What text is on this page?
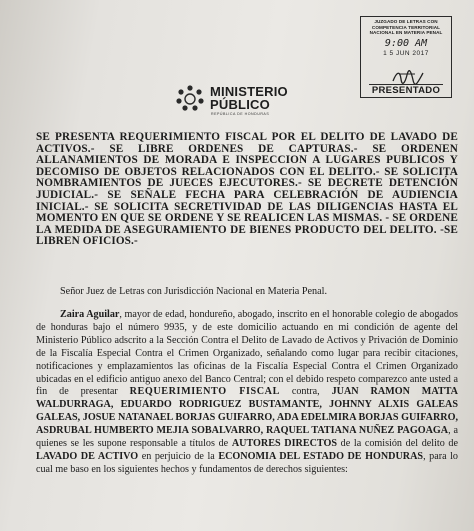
JUZGADO DE LETRAS CON COMPETENCIA TERRITORIAL NACIONAL EN MATERIA PENAL
9:00 AM
1 5 JUN 2017
PRESENTADO
MINISTERIO
PÚBLICO
REPÚBLICA DE HONDURAS

SE PRESENTA REQUERIMIENTO FISCAL POR EL DELITO DE LAVADO DE ACTIVOS.- SE LIBRE ORDENES DE CAPTURAS.- SE ORDENEN ALLANAMIENTOS DE MORADA E INSPECCION A LUGARES PUBLICOS Y DECOMISO DE OBJETOS RELACIONADOS CON EL DELITO.- SE SOLICITA NOMBRAMIENTOS DE JUECES EJECUTORES.- SE DECRETE DETENCIÓN JUDICIAL.- SE SEÑALE FECHA PARA CELEBRACIÓN DE AUDIENCIA INICIAL.- SE SOLICITA SECRETIVIDAD DE LAS DILIGENCIAS HASTA EL MOMENTO EN QUE SE ORDENE Y SE REALICEN LAS MISMAS. - SE ORDENE LA MEDIDA DE ASEGURAMIENTO DE BIENES PRODUCTO DEL DELITO. -SE LIBREN OFICIOS.-

Señor Juez de Letras con Jurisdicción Nacional en Materia Penal.

Zaira Aguilar, mayor de edad, hondureño, abogado, inscrito en el honorable colegio de abogados de honduras bajo el número 9935, y de este domicilio actuando en mi condición de agente del Ministerio Público adscrito a la Sección Contra el Delito de Lavado de Activos y Privación de Dominio de la Fiscalía Especial Contra el Crimen Organizado, señalando como lugar para recibir citaciones, notificaciones y emplazamientos las oficinas de la Fiscalía Especial Contra el Crimen Organizado ubicadas en el edificio antiguo anexo del Banco Central; con el debido respeto comparezco ante usted a fin de presentar REQUERIMIENTO FISCAL contra, JUAN RAMON MATTA WALDURRAGA, EDUARDO RODRIGUEZ BUSTAMANTE, JOHNNY ALXIS GALEAS GALEAS, JOSUE NATANAEL BORJAS GUIFARRO, ADA EDELMIRA BORJAS GUIFARRO, ASDRUBAL HUMBERTO MEJIA SOBALVARRO, RAQUEL TATIANA NUÑEZ PAGOAGA, a quienes se les supone responsable a títulos de AUTORES DIRECTOS de la comisión del delito de LAVADO DE ACTIVO en perjuicio de la ECONOMIA DEL ESTADO DE HONDURAS, para lo cual me baso en los siguientes hechos y fundamentos de derechos siguientes:
